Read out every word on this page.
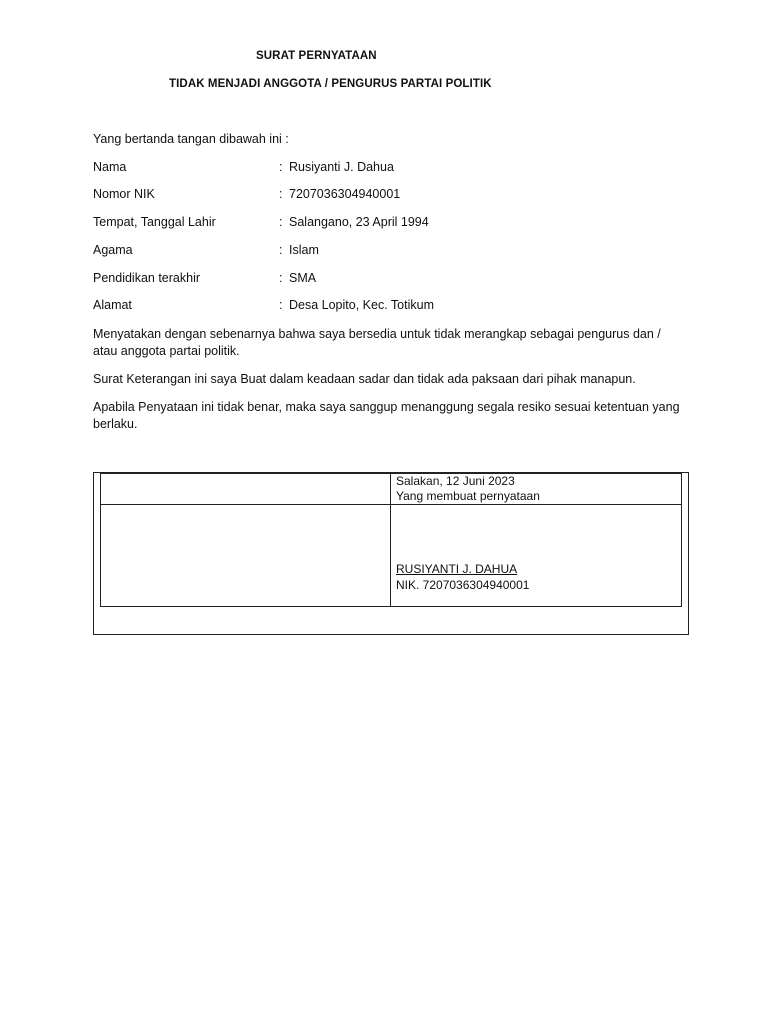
SURAT PERNYATAAN
TIDAK MENJADI ANGGOTA / PENGURUS PARTAI POLITIK
Yang bertanda tangan dibawah ini :
Nama	: Rusiyanti J. Dahua
Nomor NIK	: 7207036304940001
Tempat, Tanggal Lahir	: Salangano, 23 April 1994
Agama	: Islam
Pendidikan terakhir	: SMA
Alamat	: Desa Lopito, Kec. Totikum
Menyatakan dengan sebenarnya bahwa saya bersedia untuk tidak merangkap sebagai pengurus dan / atau anggota partai politik.
Surat Keterangan ini saya Buat dalam keadaan sadar dan tidak ada paksaan dari pihak manapun.
Apabila Penyataan ini tidak benar, maka saya sanggup menanggung segala resiko sesuai ketentuan yang berlaku.
Salakan, 12 Juni 2023
Yang membuat pernyataan
RUSIYANTI J. DAHUA
NIK. 7207036304940001
